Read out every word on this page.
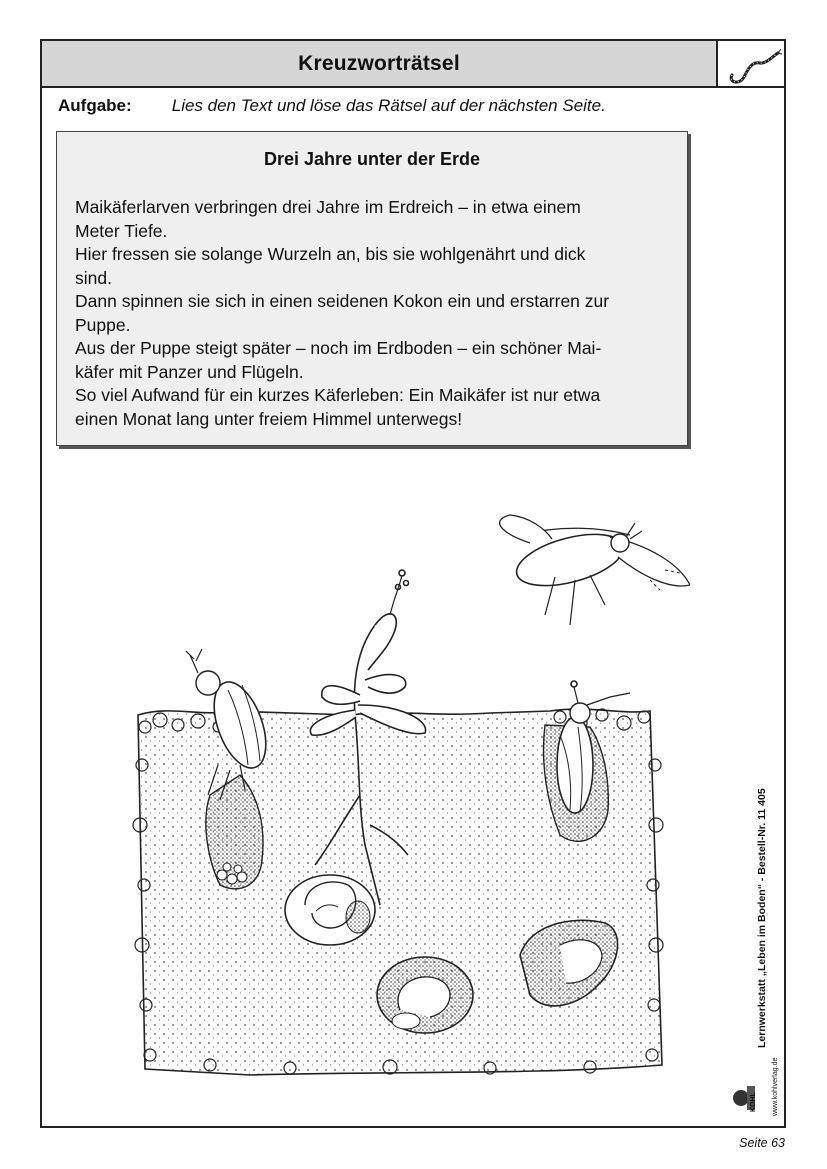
Kreuzworträtsel
Aufgabe: Lies den Text und löse das Rätsel auf der nächsten Seite.
Drei Jahre unter der Erde

Maikäferlarven verbringen drei Jahre im Erdreich – in etwa einem

Meter Tiefe.

Hier fressen sie solange Wurzeln an, bis sie wohlgenährt und dick

sind.

Dann spinnen sie sich in einen seidenen Kokon ein und erstarren zur

Puppe.

Aus der Puppe steigt später – noch im Erdboden – ein schöner Mai-

käfer mit Panzer und Flügeln.

So viel Aufwand für ein kurzes Käferleben: Ein Maikäfer ist nur etwa

einen Monat lang unter freiem Himmel unterwegs!

Lernwerkstatt „Leben im Boden“ - Bestell-Nr. 11 405
KOHL www.kohlverlag.de
Seite 63
